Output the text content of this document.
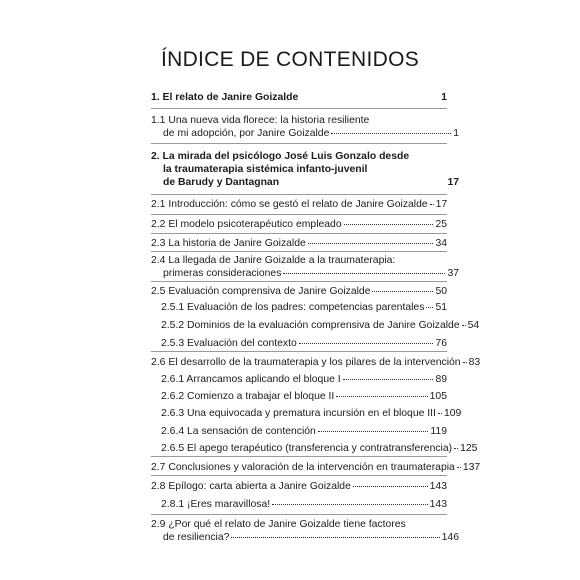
ÍNDICE DE CONTENIDOS
1. El relato de Janire Goizalde	1
1.1 Una nueva vida florece: la historia resiliente
de mi adopción, por Janire Goizalde	1
2. La mirada del psicólogo José Luis Gonzalo desde
la traumaterapia sistémica infanto-juvenil
de Barudy y Dantagnan	17
2.1 Introducción: cómo se gestó el relato de Janire Goizalde 17
2.2 El modelo psicoterapéutico empleado	25
2.3 La historia de Janire Goizalde	34
2.4 La llegada de Janire Goizalde a la traumaterapia:
primeras consideraciones	37
2.5 Evaluación comprensiva de Janire Goizalde	50
2.5.1 Evaluación de los padres: competencias parentales 51
2.5.2 Dominios de la evaluación comprensiva de Janire Goizalde 54
2.5.3 Evaluación del contexto	76
2.6 El desarrollo de la traumaterapia y los pilares de la intervención 83
2.6.1 Arrancamos aplicando el bloque I	89
2.6.2 Comienzo a trabajar el bloque II	105
2.6.3 Una equivocada y prematura incursión en el bloque III 109
2.6.4 La sensación de contención	119
2.6.5 El apego terapéutico (transferencia y contratransferencia) 125
2.7 Conclusiones y valoración de la intervención en traumaterapia 137
2.8 Epílogo: carta abierta a Janire Goizalde	143
2.8.1 ¡Eres maravillosa!	143
2.9 ¿Por qué el relato de Janire Goizalde tiene factores
de resiliencia?	146
